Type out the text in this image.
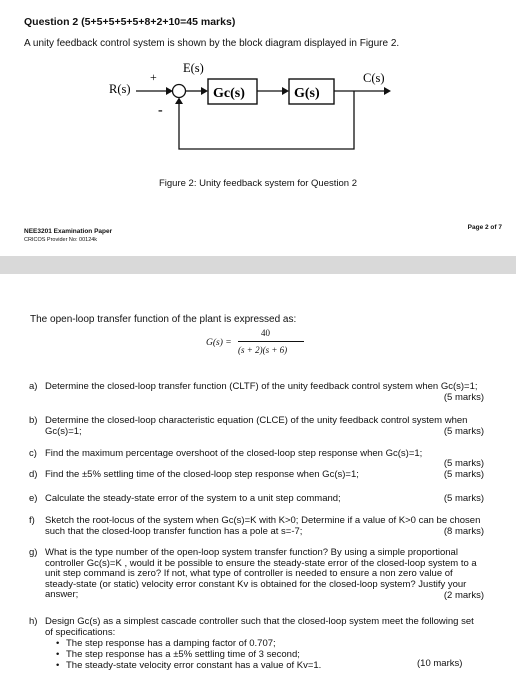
Question 2 (5+5+5+5+5+8+2+10=45 marks)
A unity feedback control system is shown by the block diagram displayed in Figure 2.
E(s)
R(s)
C(s)
+
-
Gc(s)	G(s)
Figure 2: Unity feedback system for Question 2
NEE3201 Examination Paper
CRICOS Provider No: 00124k
Page 2 of 7
The open-loop transfer function of the plant is expressed as:
G(s) =
40
(s + 2)(s + 6)
a) Determine the closed-loop transfer function (CLTF) of the unity feedback control system when Gc(s)=1;
(5 marks)
b) Determine the closed-loop characteristic equation (CLCE) of the unity feedback control system when Gc(s)=1;	(5 marks)
c) Find the maximum percentage overshoot of the closed-loop step response when Gc(s)=1;
(5 marks)
d) Find the ±5% settling time of the closed-loop step response when Gc(s)=1;	(5 marks)
e) Calculate the steady-state error of the system to a unit step command;	(5 marks)
f) Sketch the root-locus of the system when Gc(s)=K with K>0; Determine if a value of K>0 can be chosen such that the closed-loop transfer function has a pole at s=-7;	(8 marks)
g) What is the type number of the open-loop system transfer function? By using a simple proportional controller Gc(s)=K , would it be possible to ensure the steady-state error of the closed-loop system to a unit step command is zero? If not, what type of controller is needed to ensure a non zero value of steady-state (or static) velocity error constant Kv is obtained for the closed-loop system? Justify your answer;	(2 marks)
h) Design Gc(s) as a simplest cascade controller such that the closed-loop system meet the following set of specifications:
• The step response has a damping factor of 0.707;
• The step response has a ±5% settling time of 3 second;
• The steady-state velocity error constant has a value of Kv=1.	(10 marks)
